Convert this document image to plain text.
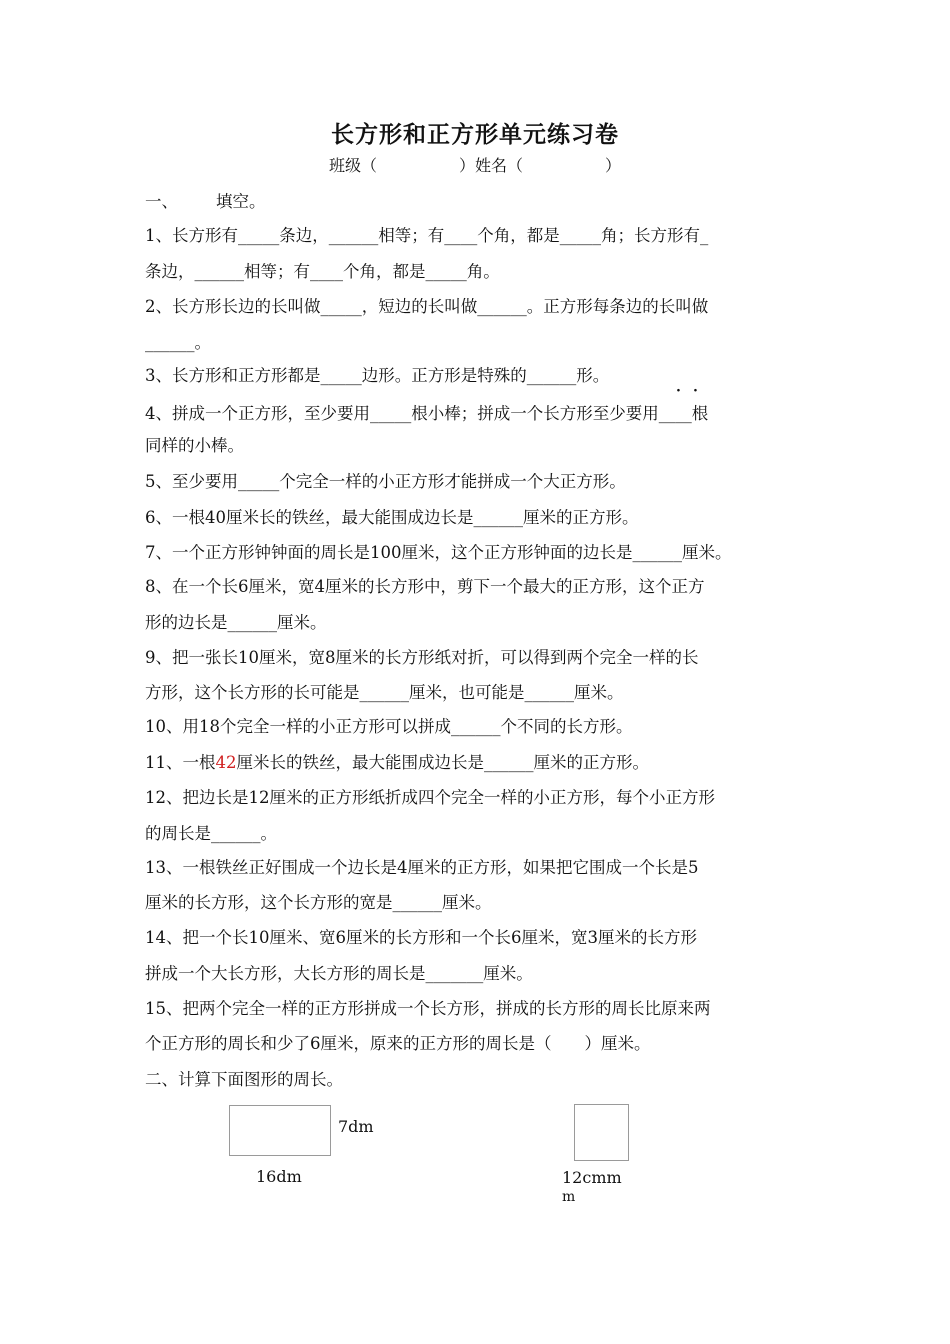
长方形和正方形单元练习卷
班级（	）姓名（	）
一、 填空。
1、长方形有_____条边，______相等；有____个角，都是_____角；长方形有_
条边，______相等；有____个角，都是_____角。
2、长方形长边的长叫做_____，短边的长叫做______。正方形每条边的长叫做
______。
3、长方形和正方形都是_____边形。正方形是特殊的______形。
· ·
4、拼成一个正方形，至少要用_____根小棒；拼成一个长方形至少要用____根
同样的小棒。
5、至少要用_____个完全一样的小正方形才能拼成一个大正方形。
6、一根40厘米长的铁丝，最大能围成边长是______厘米的正方形。
7、一个正方形钟钟面的周长是100厘米，这个正方形钟面的边长是______厘米。
8、在一个长6厘米，宽4厘米的长方形中，剪下一个最大的正方形，这个正方
形的边长是______厘米。
9、把一张长10厘米，宽8厘米的长方形纸对折，可以得到两个完全一样的长
方形，这个长方形的长可能是______厘米，也可能是______厘米。
10、用18个完全一样的小正方形可以拼成______个不同的长方形。
11、一根42厘米长的铁丝，最大能围成边长是______厘米的正方形。
12、把边长是12厘米的正方形纸折成四个完全一样的小正方形，每个小正方形
的周长是______。
13、一根铁丝正好围成一个边长是4厘米的正方形，如果把它围成一个长是5
厘米的长方形，这个长方形的宽是______厘米。
14、把一个长10厘米、宽6厘米的长方形和一个长6厘米，宽3厘米的长方形
拼成一个大长方形，大长方形的周长是_______厘米。
15、把两个完全一样的正方形拼成一个长方形，拼成的长方形的周长比原来两
个正方形的周长和少了6厘米，原来的正方形的周长是（　　）厘米。
二、计算下面图形的周长。
7dm
16dm	12cmm
m
